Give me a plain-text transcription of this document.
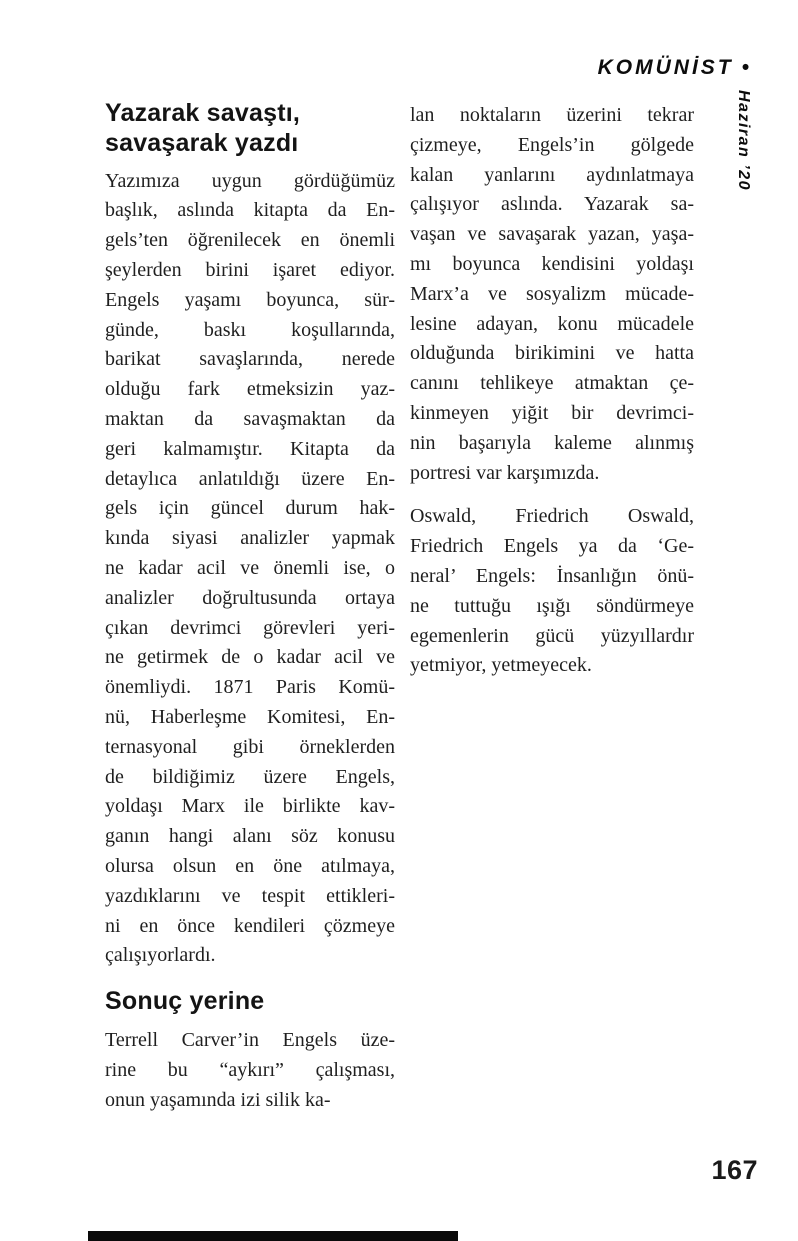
KOMÜNİST •
Haziran ’20
Yazarak savaştı,
savaşarak yazdı
Yazımıza uygun gördüğümüz
başlık, aslında kitapta da En-
gels’ten öğrenilecek en önemli
şeylerden birini işaret ediyor.
Engels yaşamı boyunca, sür-
günde, baskı koşullarında,
barikat savaşlarında, nerede
olduğu fark etmeksizin yaz-
maktan da savaşmaktan da
geri kalmamıştır. Kitapta da
detaylıca anlatıldığı üzere En-
gels için güncel durum hak-
kında siyasi analizler yapmak
ne kadar acil ve önemli ise, o
analizler doğrultusunda ortaya
çıkan devrimci görevleri yeri-
ne getirmek de o kadar acil ve
önemliydi. 1871 Paris Komü-
nü, Haberleşme Komitesi, En-
ternasyonal gibi örneklerden
de bildiğimiz üzere Engels,
yoldaşı Marx ile birlikte kav-
ganın hangi alanı söz konusu
olursa olsun en öne atılmaya,
yazdıklarını ve tespit ettikleri-
ni en önce kendileri çözmeye
çalışıyorlardı.
Sonuç yerine
Terrell Carver’in Engels üze-
rine bu “aykırı” çalışması,
onun yaşamında izi silik ka-
lan noktaların üzerini tekrar
çizmeye, Engels’in gölgede
kalan yanlarını aydınlatmaya
çalışıyor aslında. Yazarak sa-
vaşan ve savaşarak yazan, yaşa-
mı boyunca kendisini yoldaşı
Marx’a ve sosyalizm mücade-
lesine adayan, konu mücadele
olduğunda birikimini ve hatta
canını tehlikeye atmaktan çe-
kinmeyen yiğit bir devrimci-
nin başarıyla kaleme alınmış
portresi var karşımızda.
Oswald, Friedrich Oswald,
Friedrich Engels ya da ‘Ge-
neral’ Engels: İnsanlığın önü-
ne tuttuğu ışığı söndürmeye
egemenlerin gücü yüzyıllardır
yetmiyor, yetmeyecek.
167
